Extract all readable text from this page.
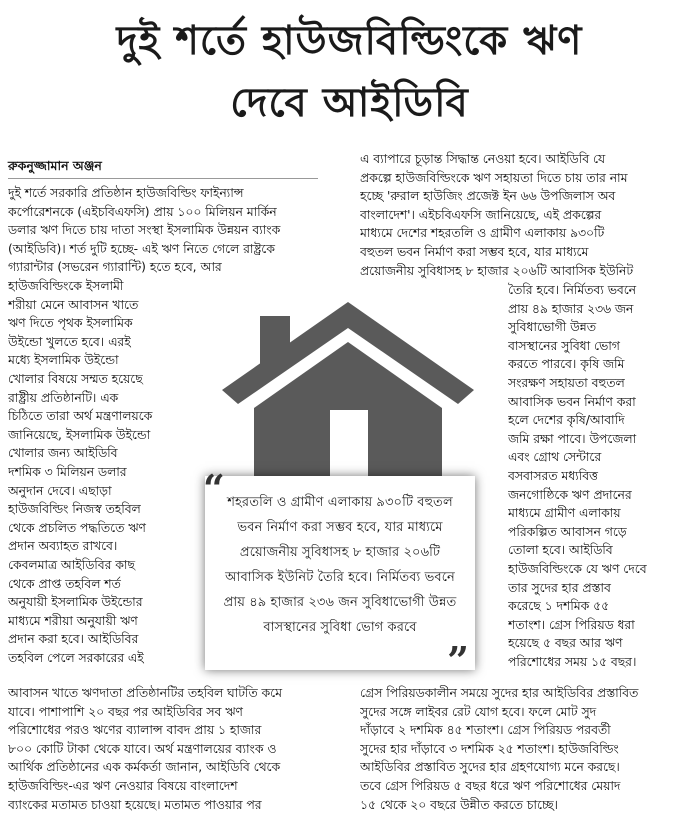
দুই শর্তে হাউজবিল্ডিংকে ঋণ
দেবে আইডিবি
রুকনুজ্জামান অঞ্জন
দুই শর্তে সরকারি প্রতিষ্ঠান হাউজবিল্ডিং ফাইন্যান্স
কর্পোরেশনকে (এইচবিএফসি) প্রায় ১০০ মিলিয়ন মার্কিন
ডলার ঋণ দিতে চায় দাতা সংস্থা ইসলামিক উন্নয়ন ব্যাংক
(আইডিবি)। শর্ত দুটি হচ্ছে- এই ঋণ নিতে গেলে রাষ্ট্রকে
গ্যারান্টার (সভরেন গ্যারান্টি) হতে হবে, আর
হাউজবিল্ডিংকে ইসলামী
শরীয়া মেনে আবাসন খাতে
ঋণ দিতে পৃথক ইসলামিক
উইন্ডো খুলতে হবে। এরই
মধ্যে ইসলামিক উইন্ডো
খোলার বিষয়ে সম্মত হয়েছে
রাষ্ট্রীয় প্রতিষ্ঠানটি। এক
চিঠিতে তারা অর্থ মন্ত্রণালয়কে
জানিয়েছে, ইসলামিক উইন্ডো
খোলার জন্য আইডিবি
দশমিক ৩ মিলিয়ন ডলার
অনুদান দেবে। এছাড়া
হাউজবিল্ডিং নিজস্ব তহবিল
থেকে প্রচলিত পদ্ধতিতে ঋণ
প্রদান অব্যাহত রাখবে।
কেবলমাত্র আইডিবির কাছ
থেকে প্রাপ্ত তহবিল শর্ত
অনুযায়ী ইসলামিক উইন্ডোর
মাধ্যমে শরীয়া অনুযায়ী ঋণ
প্রদান করা হবে। আইডিবির
তহবিল পেলে সরকারের এই
আবাসন খাতে ঋণদাতা প্রতিষ্ঠানটির তহবিল ঘাটতি কমে
যাবে। পাশাপাশি ২০ বছর পর আইডিবির সব ঋণ
পরিশোধের পরও ঋণের ব্যালান্স বাবদ প্রায় ১ হাজার
৮০০ কোটি টাকা থেকে যাবে। অর্থ মন্ত্রণালয়ের ব্যাংক ও
আর্থিক প্রতিষ্ঠানের এক কর্মকর্তা জানান, আইডিবি থেকে
হাউজবিল্ডিং-এর ঋণ নেওয়ার বিষয়ে বাংলাদেশ
ব্যাংকের মতামত চাওয়া হয়েছে। মতামত পাওয়ার পর
এ ব্যাপারে চূড়ান্ত সিদ্ধান্ত নেওয়া হবে। আইডিবি যে
প্রকল্পে হাউজবিল্ডিংকে ঋণ সহায়তা দিতে চায় তার নাম
হচ্ছে 'রুরাল হাউজিং প্রজেক্ট ইন ৬৬ উপজিলাস অব
বাংলাদেশ'। এইচবিএফসি জানিয়েছে, এই প্রকল্পের
মাধ্যমে দেশের শহরতলি ও গ্রামীণ এলাকায় ৯৩০টি
বহুতল ভবন নির্মাণ করা সম্ভব হবে, যার মাধ্যমে
প্রয়োজনীয় সুবিধাসহ ৮ হাজার ২০৬টি আবাসিক ইউনিট
তৈরি হবে। নির্মিতব্য ভবনে
প্রায় ৪৯ হাজার ২৩৬ জন
সুবিধাভোগী উন্নত
বাসস্থানের সুবিধা ভোগ
করতে পারবে। কৃষি জমি
সংরক্ষণ সহায়তা বহুতল
আবাসিক ভবন নির্মাণ করা
হলে দেশের কৃষি/আবাদি
জমি রক্ষা পাবে। উপজেলা
এবং গ্রোথ সেন্টারে
বসবাসরত মধ্যবিত্ত
জনগোষ্ঠিকে ঋণ প্রদানের
মাধ্যমে গ্রামীণ এলাকায়
পরিকল্পিত আবাসন গড়ে
তোলা হবে। আইডিবি
হাউজবিল্ডিংকে যে ঋণ দেবে
তার সুদের হার প্রস্তাব
করেছে ১ দশমিক ৫৫
শতাংশ। গ্রেস পিরিয়ড ধরা
হয়েছে ৫ বছর আর ঋণ
পরিশোধের সময় ১৫ বছর।
গ্রেস পিরিয়ডকালীন সময়ে সুদের হার আইডিবির প্রস্তাবিত
সুদের সঙ্গে লাইবর রেট যোগ হবে। ফলে মোট সুদ
দাঁড়াবে ২ দশমিক ৪৫ শতাংশ। গ্রেস পিরিয়ড পরবর্তী
সুদের হার দাঁড়াবে ৩ দশমিক ২৫ শতাংশ। হাউজবিল্ডিং
আইডিবির প্রস্তাবিত সুদের হার গ্রহণযোগ্য মনে করছে।
তবে গ্রেস পিরিয়ড ৫ বছর ধরে ঋণ পরিশোধের মেয়াদ
১৫ থেকে ২০ বছরে উন্নীত করতে চাচ্ছে।
“ শহরতলি ও গ্রামীণ এলাকায় ৯৩০টি বহুতল ভবন নির্মাণ করা সম্ভব হবে, যার মাধ্যমে প্রয়োজনীয় সুবিধাসহ ৮ হাজার ২০৬টি আবাসিক ইউনিট তৈরি হবে। নির্মিতব্য ভবনে প্রায় ৪৯ হাজার ২৩৬ জন সুবিধাভোগী উন্নত বাসস্থানের সুবিধা ভোগ করবে
”
